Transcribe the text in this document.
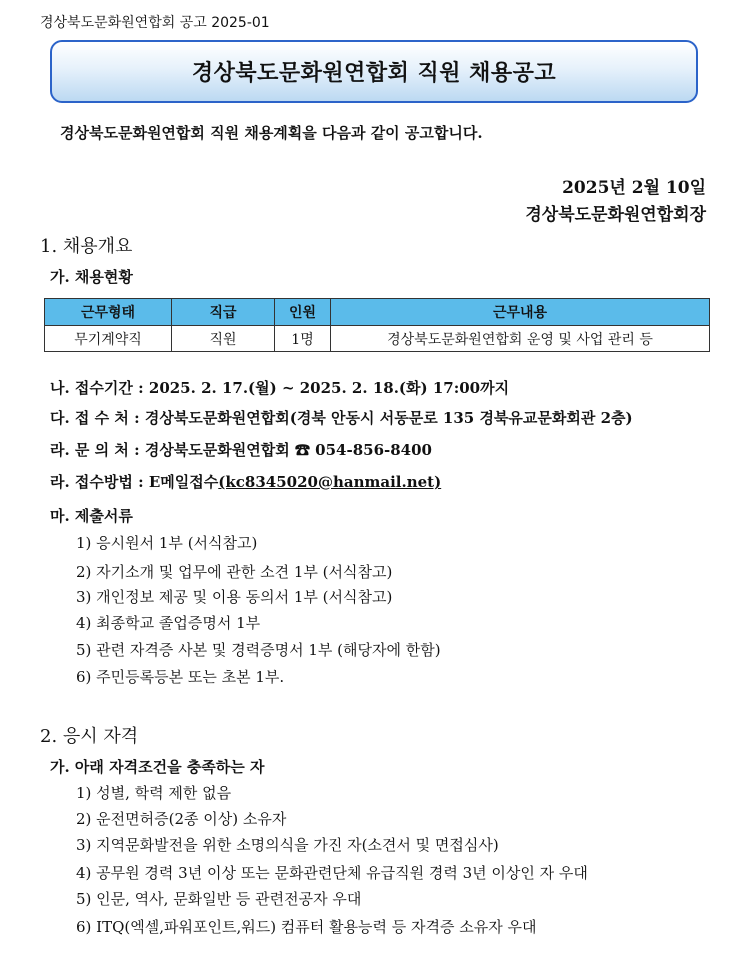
경상북도문화원연합회 공고 2025-01
경상북도문화원연합회 직원 채용공고
경상북도문화원연합회 직원 채용계획을 다음과 같이 공고합니다.
2025년 2월 10일
경상북도문화원연합회장
1. 채용개요
가. 채용현황
근무형태	직급	인원	근무내용
무기계약직	직원	1명	경상북도문화원연합회 운영 및 사업 관리 등
나. 접수기간 : 2025. 2. 17.(월) ~ 2025. 2. 18.(화) 17:00까지
다. 접 수 처 : 경상북도문화원연합회(경북 안동시 서동문로 135 경북유교문화회관 2층)
라. 문 의 처 : 경상북도문화원연합회 ☎ 054-856-8400
라. 접수방법 : E메일접수(kc8345020@hanmail.net)
마. 제출서류
1) 응시원서 1부 (서식참고)
2) 자기소개 및 업무에 관한 소견 1부 (서식참고)
3) 개인정보 제공 및 이용 동의서 1부 (서식참고)
4) 최종학교 졸업증명서 1부
5) 관련 자격증 사본 및 경력증명서 1부 (해당자에 한함)
6) 주민등록등본 또는 초본 1부.
2. 응시 자격
가. 아래 자격조건을 충족하는 자
1) 성별, 학력 제한 없음
2) 운전면허증(2종 이상) 소유자
3) 지역문화발전을 위한 소명의식을 가진 자(소견서 및 면접심사)
4) 공무원 경력 3년 이상 또는 문화관련단체 유급직원 경력 3년 이상인 자 우대
5) 인문, 역사, 문화일반 등 관련전공자 우대
6) ITQ(엑셀,파워포인트,워드) 컴퓨터 활용능력 등 자격증 소유자 우대
